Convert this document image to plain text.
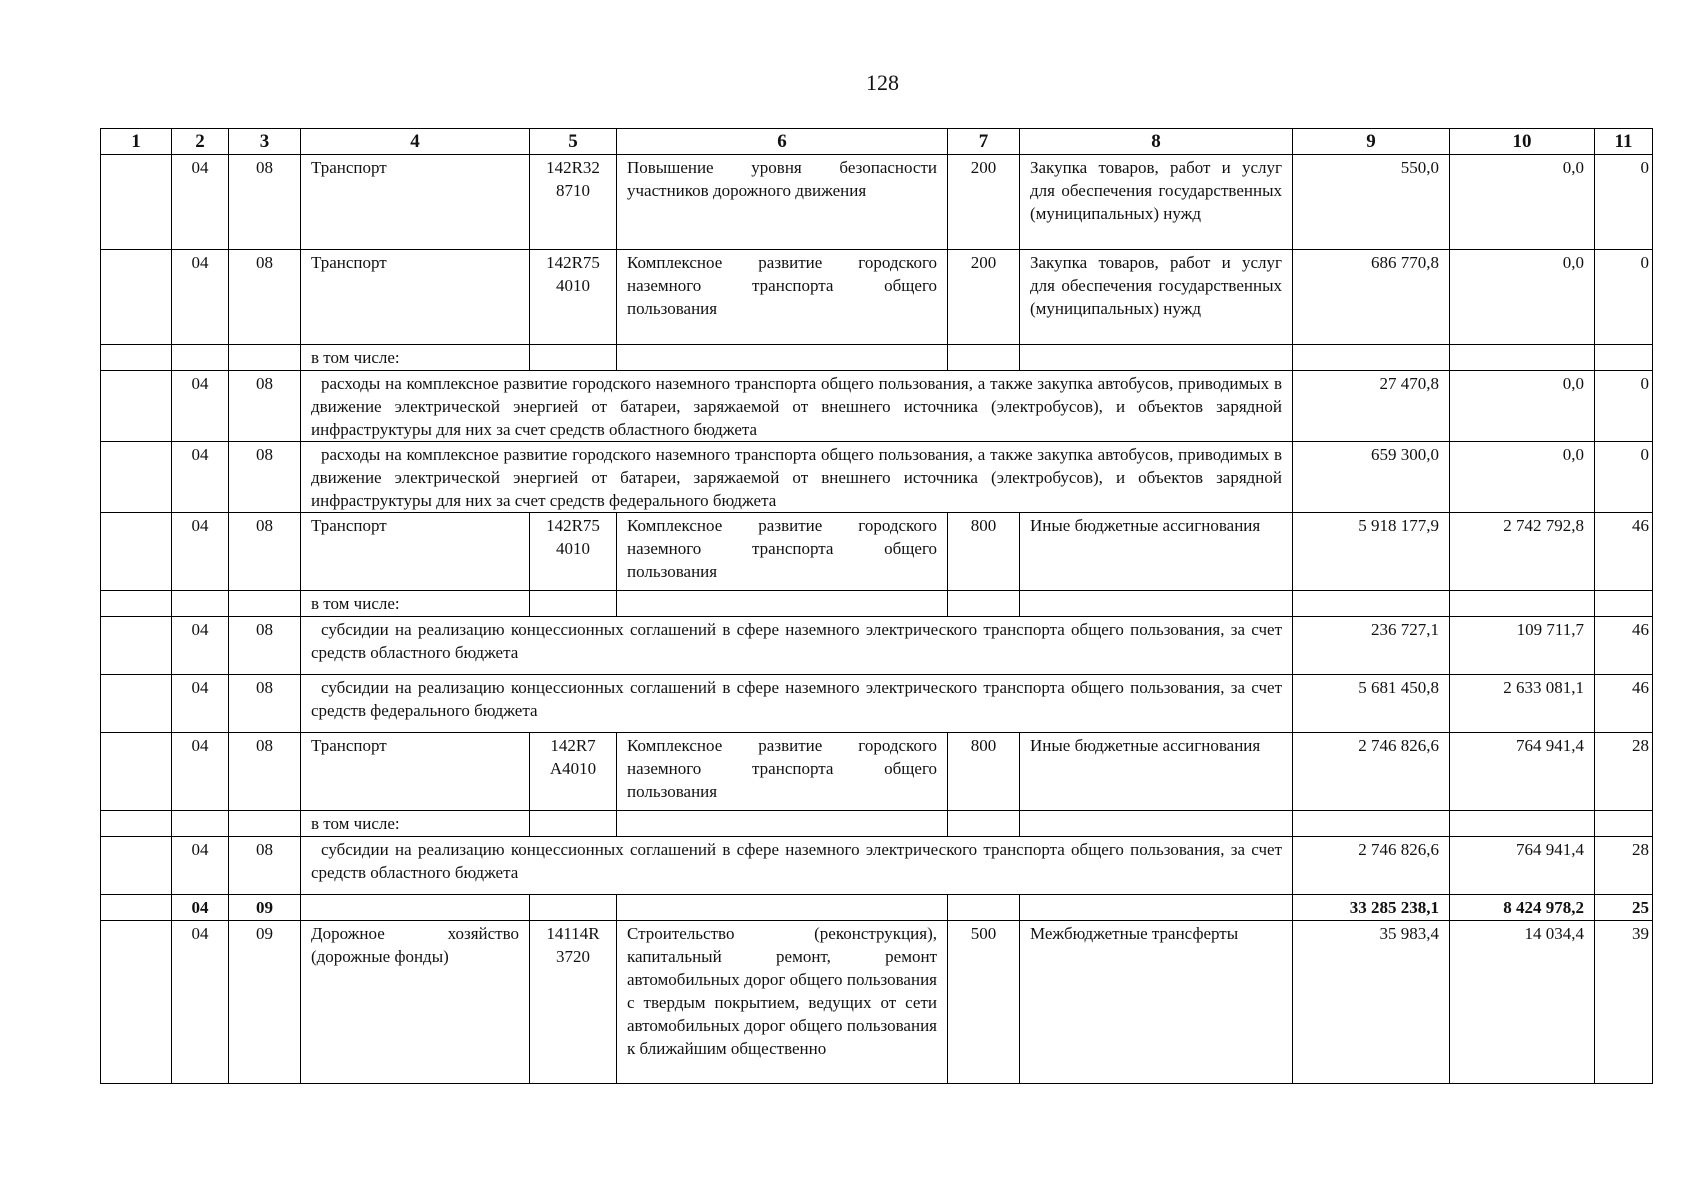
128
1	2	3	4	5	6	7	8	9	10	11
	04	08	Транспорт	142R32 8710	Повышение уровня безопасности участников дорожного движения	200	Закупка товаров, работ и услуг для обеспечения государственных (муниципальных) нужд	550,0	0,0	0
	04	08	Транспорт	142R75 4010	Комплексное развитие городского наземного транспорта общего пользования	200	Закупка товаров, работ и услуг для обеспечения государственных (муниципальных) нужд	686 770,8	0,0	0
			в том числе:							
	04	08	расходы на комплексное развитие городского наземного транспорта общего пользования, а также закупка автобусов, приводимых в движение электрической энергией от батареи, заряжаемой от внешнего источника (электробусов), и объектов зарядной инфраструктуры для них за счет средств областного бюджета					27 470,8	0,0	0
	04	08	расходы на комплексное развитие городского наземного транспорта общего пользования, а также закупка автобусов, приводимых в движение электрической энергией от батареи, заряжаемой от внешнего источника (электробусов), и объектов зарядной инфраструктуры для них за счет средств федерального бюджета					659 300,0	0,0	0
	04	08	Транспорт	142R75 4010	Комплексное развитие городского наземного транспорта общего пользования	800	Иные бюджетные ассигнования	5 918 177,9	2 742 792,8	46
			в том числе:							
	04	08	субсидии на реализацию концессионных соглашений в сфере наземного электрического транспорта общего пользования, за счет средств областного бюджета					236 727,1	109 711,7	46
	04	08	субсидии на реализацию концессионных соглашений в сфере наземного электрического транспорта общего пользования, за счет средств федерального бюджета					5 681 450,8	2 633 081,1	46
	04	08	Транспорт	142R7 А4010	Комплексное развитие городского наземного транспорта общего пользования	800	Иные бюджетные ассигнования	2 746 826,6	764 941,4	28
			в том числе:							
	04	08	субсидии на реализацию концессионных соглашений в сфере наземного электрического транспорта общего пользования, за счет средств областного бюджета					2 746 826,6	764 941,4	28
	04	09						33 285 238,1	8 424 978,2	25
	04	09	Дорожное хозяйство (дорожные фонды)	14114R 3720	Строительство (реконструкция), капитальный ремонт, ремонт автомобильных дорог общего пользования с твердым покрытием, ведущих от сети автомобильных дорог общего пользования к ближайшим общественно	500	Межбюджетные трансферты	35 983,4	14 034,4	39
